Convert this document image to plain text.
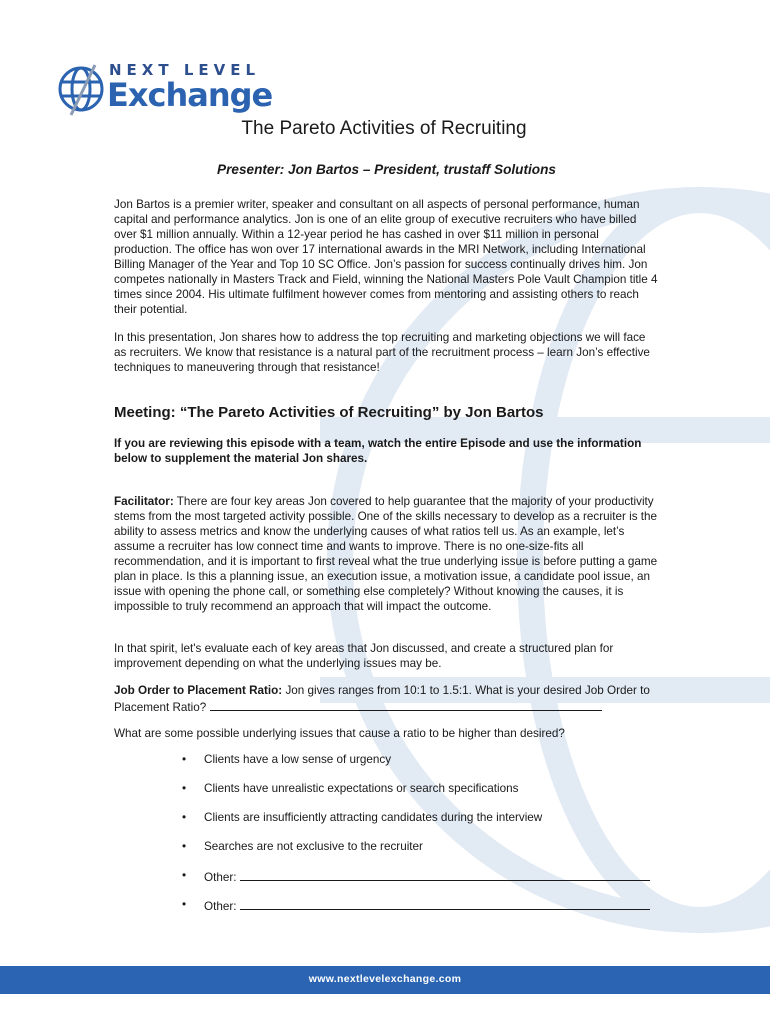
NEXT LEVEL
Exchange
The Pareto Activities of Recruiting
Presenter: Jon Bartos – President, trustaff Solutions
Jon Bartos is a premier writer, speaker and consultant on all aspects of personal performance, human capital and performance analytics. Jon is one of an elite group of executive recruiters who have billed over $1 million annually. Within a 12-year period he has cashed in over $11 million in personal production. The office has won over 17 international awards in the MRI Network, including International Billing Manager of the Year and Top 10 SC Office. Jon’s passion for success continually drives him. Jon competes nationally in Masters Track and Field, winning the National Masters Pole Vault Champion title 4 times since 2004. His ultimate fulfilment however comes from mentoring and assisting others to reach their potential.
In this presentation, Jon shares how to address the top recruiting and marketing objections we will face as recruiters. We know that resistance is a natural part of the recruitment process – learn Jon’s effective techniques to maneuvering through that resistance!
Meeting: “The Pareto Activities of Recruiting” by Jon Bartos
If you are reviewing this episode with a team, watch the entire Episode and use the information below to supplement the material Jon shares.
Facilitator: There are four key areas Jon covered to help guarantee that the majority of your productivity stems from the most targeted activity possible. One of the skills necessary to develop as a recruiter is the ability to assess metrics and know the underlying causes of what ratios tell us. As an example, let’s assume a recruiter has low connect time and wants to improve. There is no one-size-fits all recommendation, and it is important to first reveal what the true underlying issue is before putting a game plan in place. Is this a planning issue, an execution issue, a motivation issue, a candidate pool issue, an issue with opening the phone call, or something else completely? Without knowing the causes, it is impossible to truly recommend an approach that will impact the outcome.
In that spirit, let's evaluate each of key areas that Jon discussed, and create a structured plan for improvement depending on what the underlying issues may be.
Job Order to Placement Ratio: Jon gives ranges from 10:1 to 1.5:1. What is your desired Job Order to Placement Ratio?
What are some possible underlying issues that cause a ratio to be higher than desired?
• Clients have a low sense of urgency
• Clients have unrealistic expectations or search specifications
• Clients are insufficiently attracting candidates during the interview
• Searches are not exclusive to the recruiter
• Other:
• Other:
www.nextlevelexchange.com
